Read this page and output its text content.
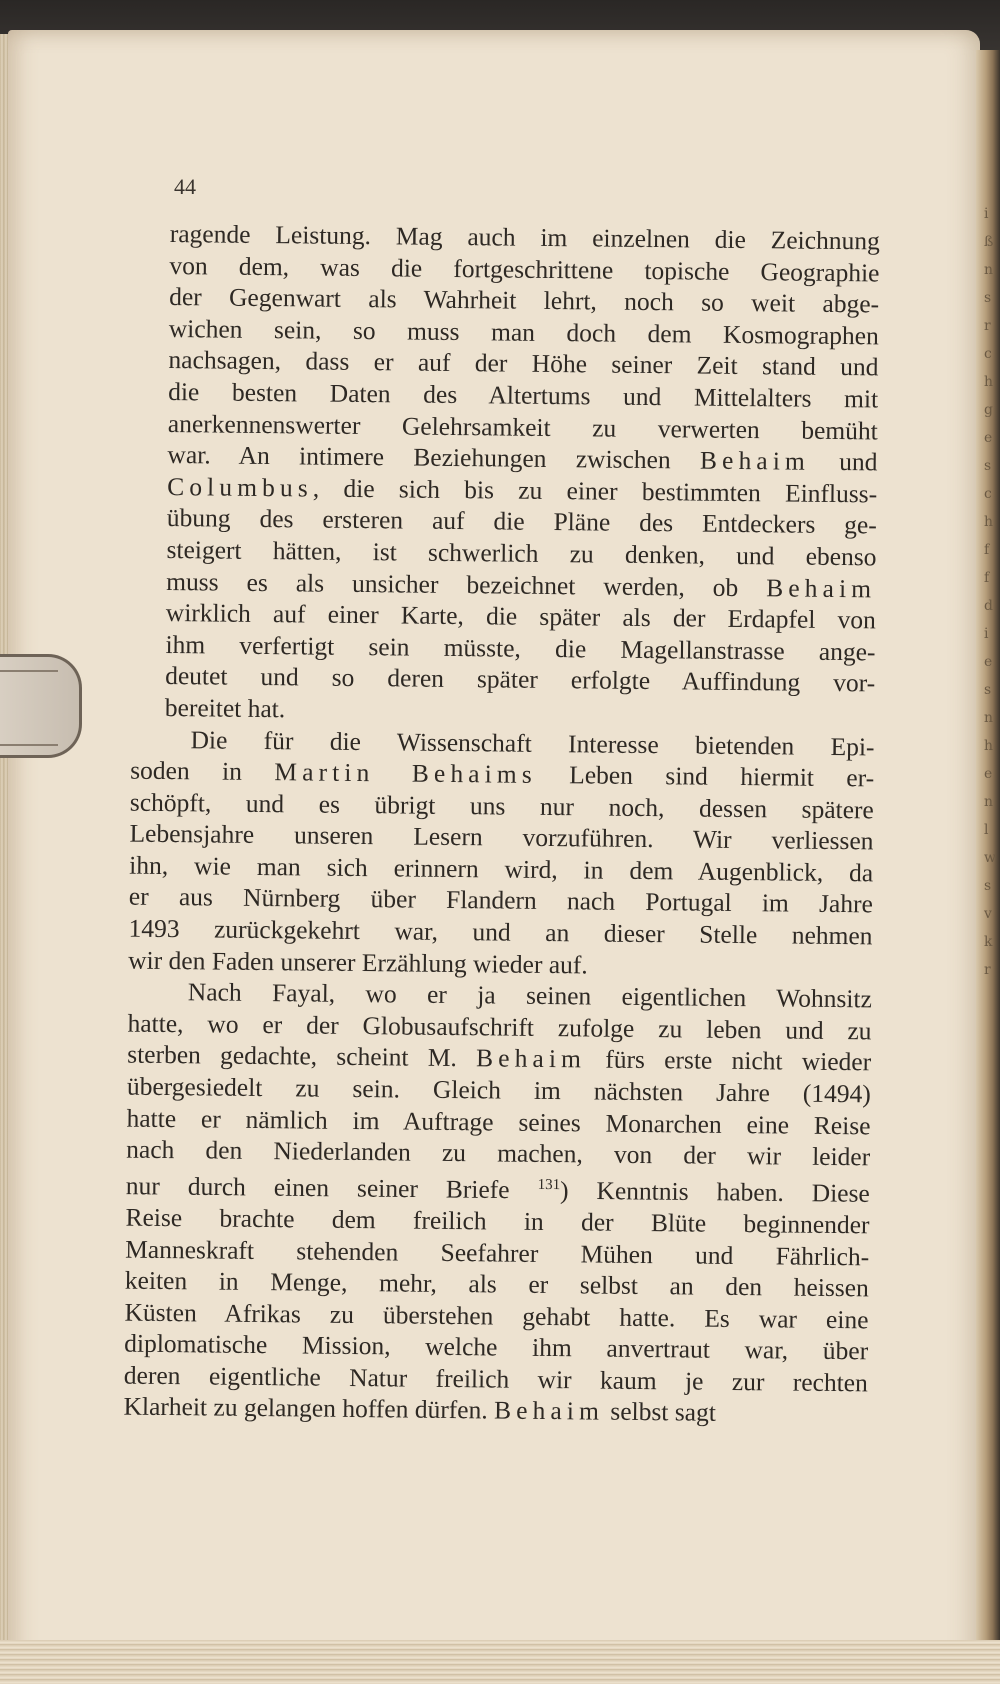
i
ß
n
s
r
c
h
g
e
s
c
h
f
f
d
i
e
s
n
h
e
n
l
w
s
v
k
r
44
ragende Leistung. Mag auch im einzelnen die Zeichnung
von dem, was die fortgeschrittene topische Geographie
der Gegenwart als Wahrheit lehrt, noch so weit abge-
wichen sein, so muss man doch dem Kosmographen
nachsagen, dass er auf der Höhe seiner Zeit stand und
die besten Daten des Altertums und Mittelalters mit
anerkennenswerter Gelehrsamkeit zu verwerten bemüht
war. An intimere Beziehungen zwischen Behaim und
Columbus, die sich bis zu einer bestimmten Einfluss-
übung des ersteren auf die Pläne des Entdeckers ge-
steigert hätten, ist schwerlich zu denken, und ebenso
muss es als unsicher bezeichnet werden, ob Behaim
wirklich auf einer Karte, die später als der Erdapfel von
ihm verfertigt sein müsste, die Magellanstrasse ange-
deutet und so deren später erfolgte Auffindung vor-
bereitet hat.
Die für die Wissenschaft Interesse bietenden Epi-
soden in Martin Behaims Leben sind hiermit er-
schöpft, und es übrigt uns nur noch, dessen spätere
Lebensjahre unseren Lesern vorzuführen. Wir verliessen
ihn, wie man sich erinnern wird, in dem Augenblick, da
er aus Nürnberg über Flandern nach Portugal im Jahre
1493 zurückgekehrt war, und an dieser Stelle nehmen
wir den Faden unserer Erzählung wieder auf.
Nach Fayal, wo er ja seinen eigentlichen Wohnsitz
hatte, wo er der Globusaufschrift zufolge zu leben und zu
sterben gedachte, scheint M. Behaim fürs erste nicht wieder
übergesiedelt zu sein. Gleich im nächsten Jahre (1494)
hatte er nämlich im Auftrage seines Monarchen eine Reise
nach den Niederlanden zu machen, von der wir leider
nur durch einen seiner Briefe $^{131}$) Kenntnis haben. Diese
Reise brachte dem freilich in der Blüte beginnender
Manneskraft stehenden Seefahrer Mühen und Fährlich-
keiten in Menge, mehr, als er selbst an den heissen
Küsten Afrikas zu überstehen gehabt hatte. Es war eine
diplomatische Mission, welche ihm anvertraut war, über
deren eigentliche Natur freilich wir kaum je zur rechten
Klarheit zu gelangen hoffen dürfen. Behaim selbst sagt
